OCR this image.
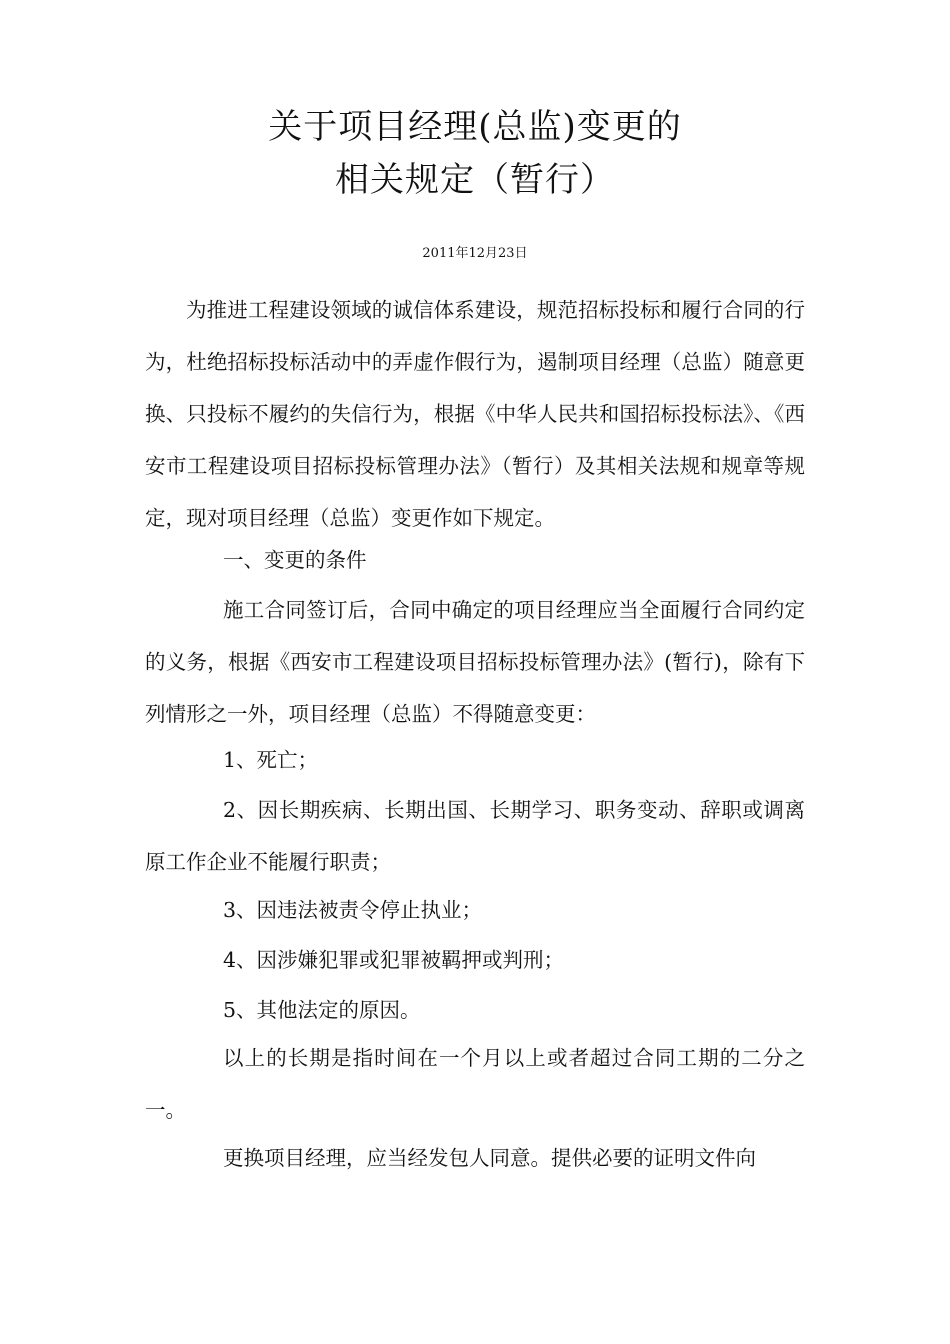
关于项目经理(总监)变更的
相关规定（暂行）
2011年12月23日

为推进工程建设领域的诚信体系建设，规范招标投标和履行合同的行为，杜绝招标投标活动中的弄虚作假行为，遏制项目经理（总监）随意更换、只投标不履约的失信行为，根据《中华人民共和国招标投标法》、《西安市工程建设项目招标投标管理办法》（暂行）及其相关法规和规章等规定，现对项目经理（总监）变更作如下规定。

一、变更的条件

施工合同签订后，合同中确定的项目经理应当全面履行合同约定的义务，根据《西安市工程建设项目招标投标管理办法》(暂行)，除有下列情形之一外，项目经理（总监）不得随意变更：

1、死亡；

2、因长期疾病、长期出国、长期学习、职务变动、辞职或调离原工作企业不能履行职责；

3、因违法被责令停止执业；

4、因涉嫌犯罪或犯罪被羁押或判刑；

5、其他法定的原因。

以上的长期是指时间在一个月以上或者超过合同工期的二分之一。

更换项目经理，应当经发包人同意。提供必要的证明文件向
